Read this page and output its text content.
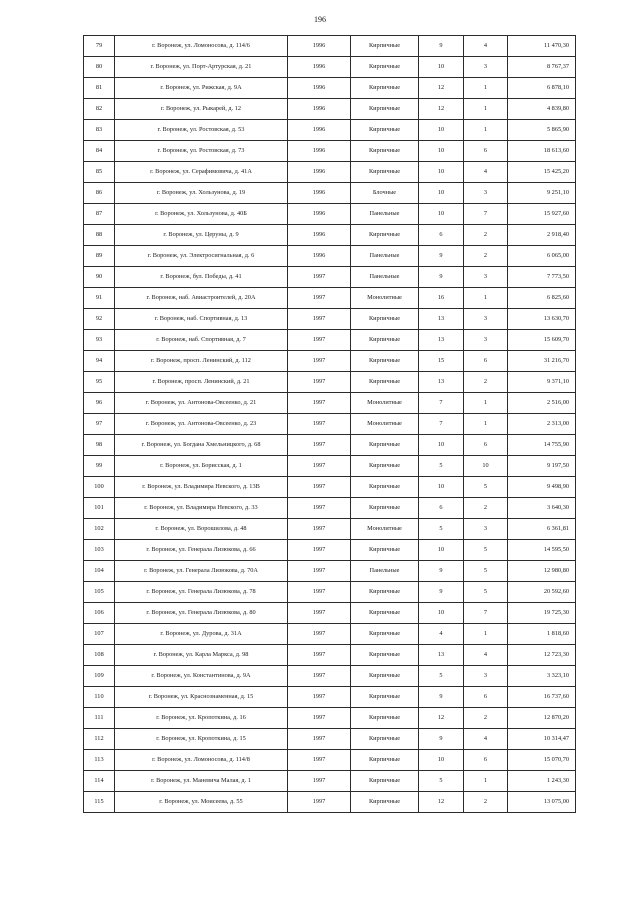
196
79	г. Воронеж, ул. Ломоносова, д. 114/6	1996	Кирпичные	9	4	11 470,30
80	г. Воронеж, ул. Порт-Артурская, д. 21	1996	Кирпичные	10	3	8 767,37
81	г. Воронеж, ул. Рижская, д. 9А	1996	Кирпичные	12	1	6 878,10
82	г. Воронеж, ул. Рыкарей, д. 12	1996	Кирпичные	12	1	4 839,80
83	г. Воронеж, ул. Ростовская, д. 53	1996	Кирпичные	10	1	5 865,90
84	г. Воронеж, ул. Ростовская, д. 73	1996	Кирпичные	10	6	18 613,60
85	г. Воронеж, ул. Серафимовича, д. 41А	1996	Кирпичные	10	4	15 425,20
86	г. Воронеж, ул. Хользунова, д. 19	1996	Блочные	10	3	9 251,10
87	г. Воронеж, ул. Хользунова, д. 40Б	1996	Панельные	10	7	15 927,60
88	г. Воронеж, ул. Церуны, д. 9	1996	Кирпичные	6	2	2 918,40
89	г. Воронеж, ул. Электросигнальная, д. 6	1996	Панельные	9	2	6 065,00
90	г. Воронеж, бул. Победы, д. 41	1997	Панельные	9	3	7 773,50
91	г. Воронеж, наб. Авиастроителей, д. 20А	1997	Монолитные	16	1	6 825,60
92	г. Воронеж, наб. Спортивная, д. 13	1997	Кирпичные	13	3	13 630,70
93	г. Воронеж, наб. Спортивная, д. 7	1997	Кирпичные	13	3	15 609,70
94	г. Воронеж, просп. Ленинский, д. 112	1997	Кирпичные	15	6	31 216,70
95	г. Воронеж, просп. Ленинский, д. 21	1997	Кирпичные	13	2	9 371,10
96	г. Воронеж, ул. Антонова-Овсеенко, д. 21	1997	Монолитные	7	1	2 516,00
97	г. Воронеж, ул. Антонова-Овсеенко, д. 23	1997	Монолитные	7	1	2 313,00
98	г. Воронеж, ул. Богдана Хмельницкого, д. 68	1997	Кирпичные	10	6	14 755,90
99	г. Воронеж, ул. Борисская, д. 1	1997	Кирпичные	5	10	9 197,50
100	г. Воронеж, ул. Владимира Невского, д. 13В	1997	Кирпичные	10	5	9 498,90
101	г. Воронеж, ул. Владимира Невского, д. 33	1997	Кирпичные	6	2	3 640,30
102	г. Воронеж, ул. Ворошилова, д. 48	1997	Монолитные	5	3	6 361,81
103	г. Воронеж, ул. Генерала Лизюкова, д. 66	1997	Кирпичные	10	5	14 595,50
104	г. Воронеж, ул. Генерала Лизюкова, д. 70А	1997	Панельные	9	5	12 980,80
105	г. Воронеж, ул. Генерала Лизюкова, д. 78	1997	Кирпичные	9	5	20 592,60
106	г. Воронеж, ул. Генерала Лизюкова, д. 80	1997	Кирпичные	10	7	19 725,30
107	г. Воронеж, ул. Дурова, д. 31А	1997	Кирпичные	4	1	1 818,60
108	г. Воронеж, ул. Карла Маркса, д. 98	1997	Кирпичные	13	4	12 723,30
109	г. Воронеж, ул. Константинова, д. 9А	1997	Кирпичные	5	3	3 323,10
110	г. Воронеж, ул. Краснознаменная, д. 15	1997	Кирпичные	9	6	16 737,60
111	г. Воронеж, ул. Кропоткина, д. 16	1997	Кирпичные	12	2	12 870,20
112	г. Воронеж, ул. Кропоткина, д. 15	1997	Кирпичные	9	4	10 314,47
113	г. Воронеж, ул. Ломоносова, д. 114/8	1997	Кирпичные	10	6	15 070,70
114	г. Воронеж, ул. Маневича Малая, д. 1	1997	Кирпичные	5	1	1 243,30
115	г. Воронеж, ул. Моисеева, д. 55	1997	Кирпичные	12	2	13 075,00
